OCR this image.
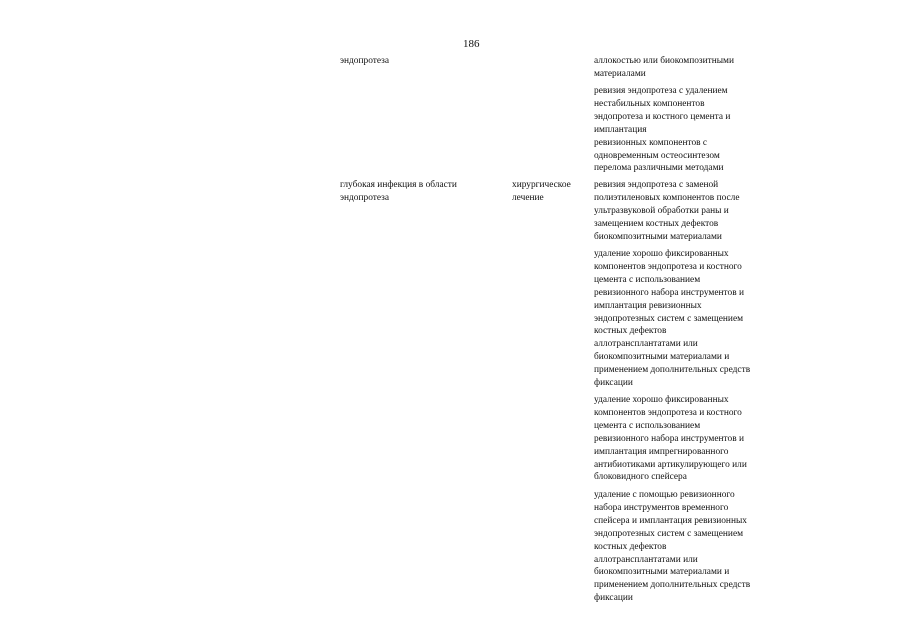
186
эндопротеза	аллокостью или биокомпозитными
материалами
ревизия эндопротеза с удалением
нестабильных компонентов
эндопротеза и костного цемента и
имплантация
ревизионных компонентов с
одновременным остеосинтезом
перелома различными методами
глубокая инфекция в области
эндопротеза
хирургическое
лечение
ревизия эндопротеза с заменой
полиэтиленовых компонентов после
ультразвуковой обработки раны и
замещением костных дефектов
биокомпозитными материалами
удаление хорошо фиксированных
компонентов эндопротеза и костного
цемента с использованием
ревизионного набора инструментов и
имплантация ревизионных
эндопротезных систем с замещением
костных дефектов
аллотрансплантатами или
биокомпозитными материалами и
применением дополнительных средств
фиксации
удаление хорошо фиксированных
компонентов эндопротеза и костного
цемента с использованием
ревизионного набора инструментов и
имплантация импрегнированного
антибиотиками артикулирующего или
блоковидного спейсера
удаление с помощью ревизионного
набора инструментов временного
спейсера и имплантация ревизионных
эндопротезных систем с замещением
костных дефектов
аллотрансплантатами или
биокомпозитными материалами и
применением дополнительных средств
фиксации
